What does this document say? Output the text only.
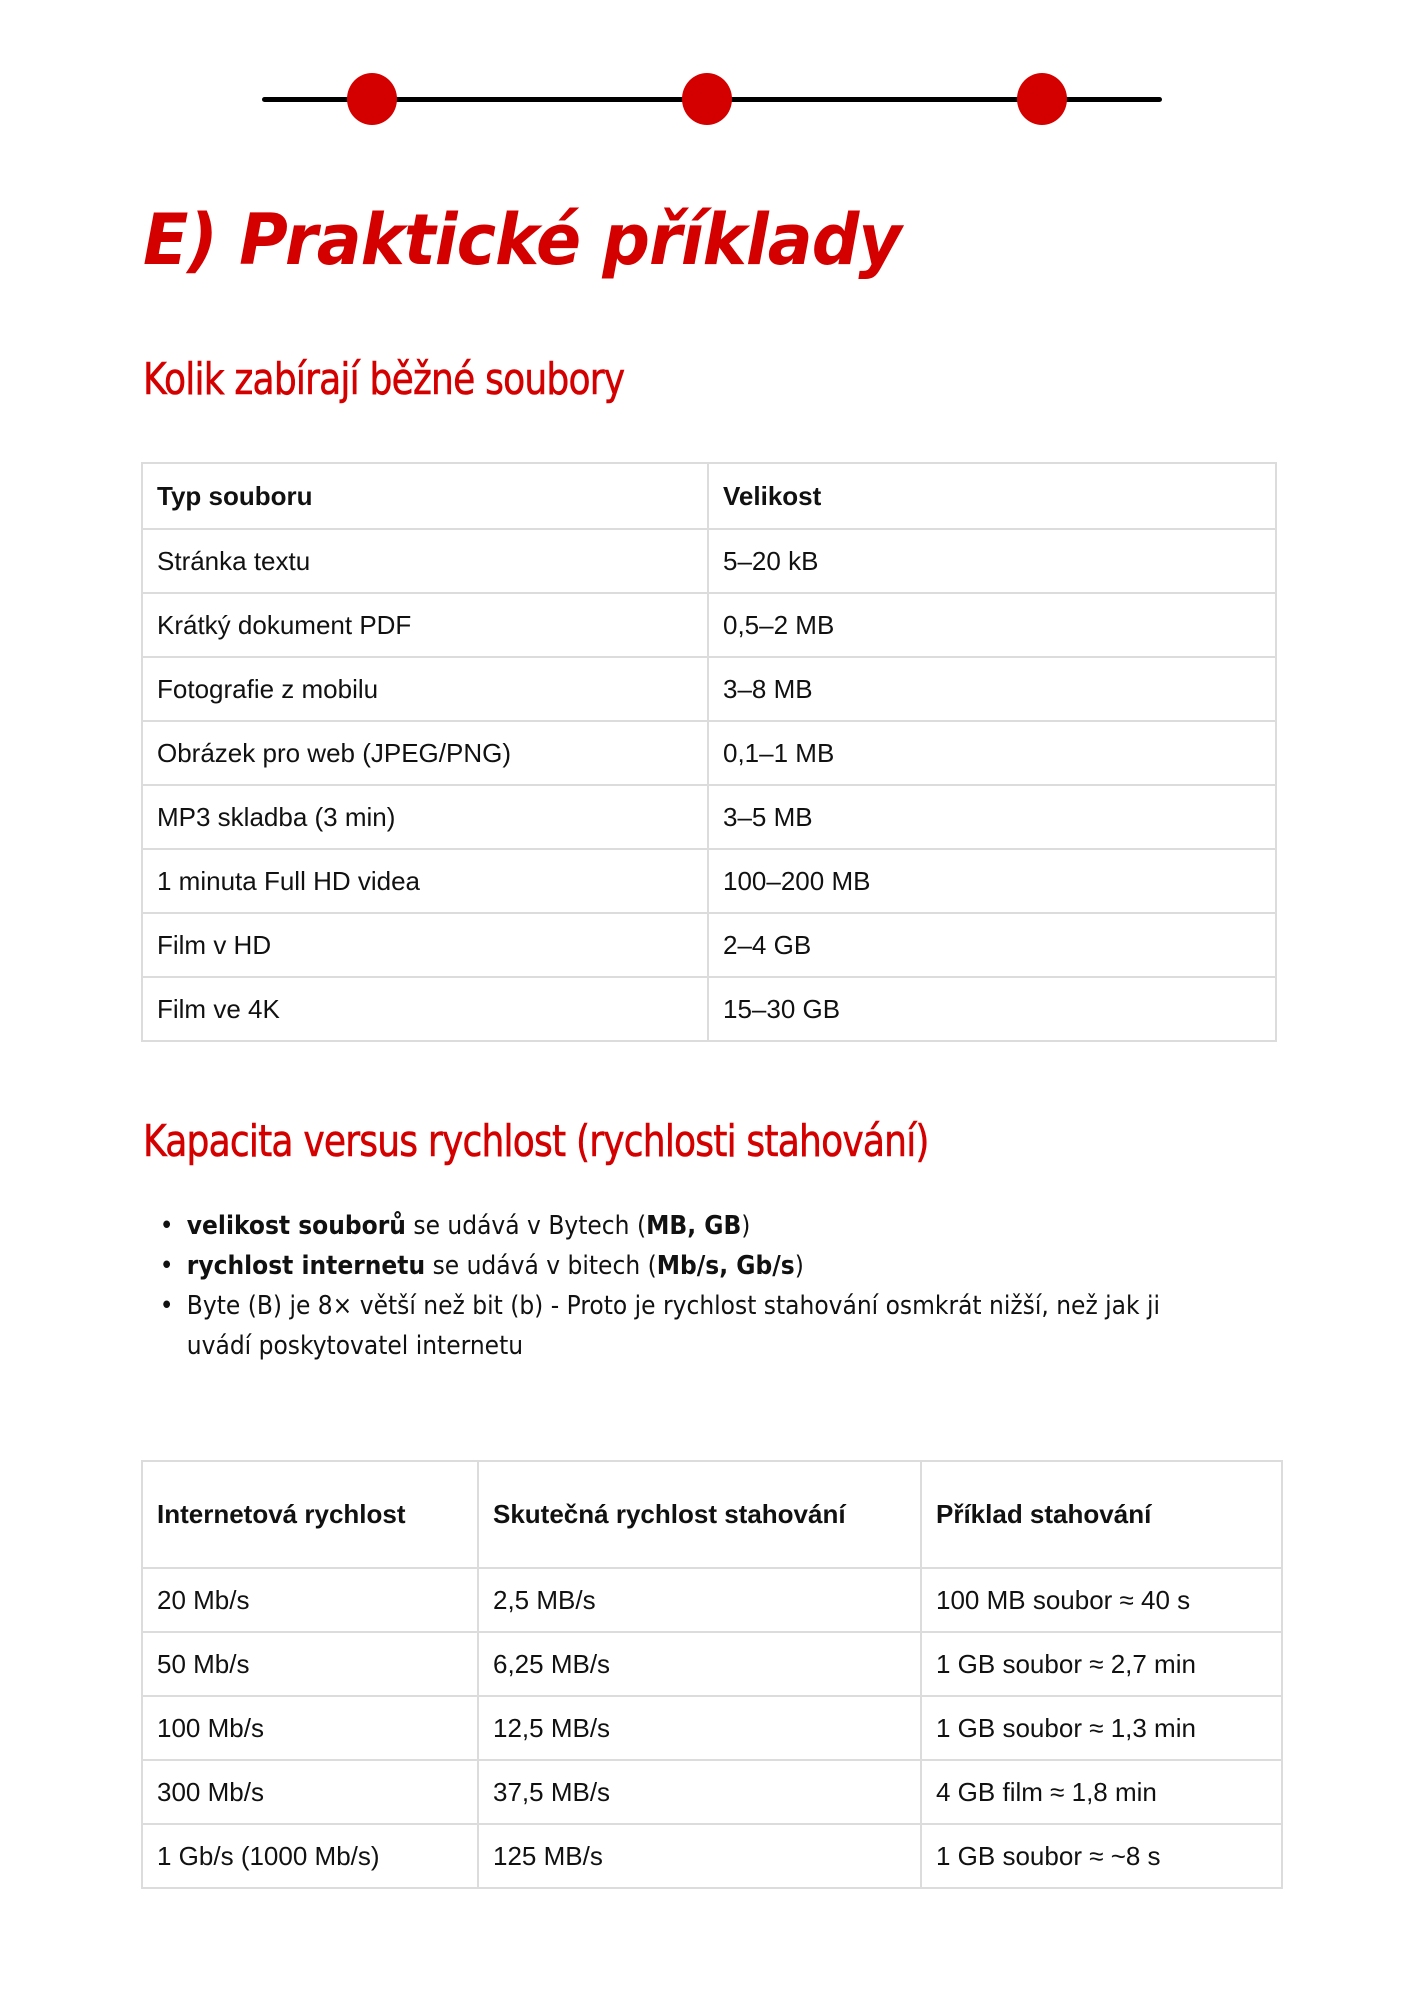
E) Praktické příklady
Kolik zabírají běžné soubory
Typ souboru	Velikost
Stránka textu	5–20 kB
Krátký dokument PDF	0,5–2 MB
Fotografie z mobilu	3–8 MB
Obrázek pro web (JPEG/PNG)	0,1–1 MB
MP3 skladba (3 min)	3–5 MB
1 minuta Full HD videa	100–200 MB
Film v HD	2–4 GB
Film ve 4K	15–30 GB
Kapacita versus rychlost (rychlosti stahování)
• velikost souborů se udává v Bytech (MB, GB)
• rychlost internetu se udává v bitech (Mb/s, Gb/s)
• Byte (B) je 8× větší než bit (b) - Proto je rychlost stahování osmkrát nižší, než jak ji uvádí poskytovatel internetu
Internetová rychlost	Skutečná rychlost stahování	Příklad stahování
20 Mb/s	2,5 MB/s	100 MB soubor ≈ 40 s
50 Mb/s	6,25 MB/s	1 GB soubor ≈ 2,7 min
100 Mb/s	12,5 MB/s	1 GB soubor ≈ 1,3 min
300 Mb/s	37,5 MB/s	4 GB film ≈ 1,8 min
1 Gb/s (1000 Mb/s)	125 MB/s	1 GB soubor ≈ ~8 s
